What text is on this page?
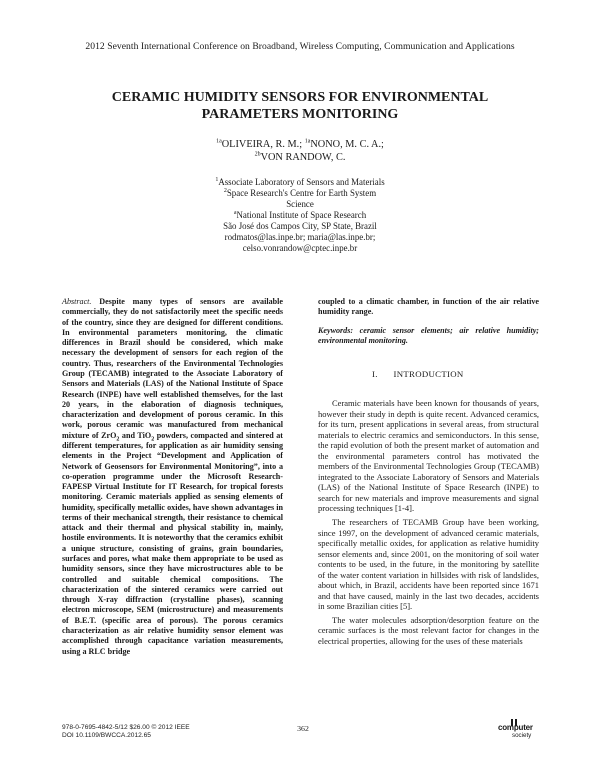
2012 Seventh International Conference on Broadband, Wireless Computing, Communication and Applications
CERAMIC HUMIDITY SENSORS FOR ENVIRONMENTAL
PARAMETERS MONITORING
$^{1a}$OLIVEIRA, R. M.; $^{1a}$NONO, M. C. A.;
$^{2b}$VON RANDOW, C.
$^1$Associate Laboratory of Sensors and Materials
$^2$Space Research's Centre for Earth System
Science
$^a$National Institute of Space Research
São José dos Campos City, SP State, Brazil
rodmatos@las.inpe.br; maria@las.inpe.br;
celso.vonrandow@cptec.inpe.br

Abstract. Despite many types of sensors are available commercially, they do not satisfactorily meet the specific needs of the country, since they are designed for different conditions. In environmental parameters monitoring, the climatic differences in Brazil should be considered, which make necessary the development of sensors for each region of the country. Thus, researchers of the Environmental Technologies Group (TECAMB) integrated to the Associate Laboratory of Sensors and Materials (LAS) of the National Institute of Space Research (INPE) have well established themselves, for the last 20 years, in the elaboration of diagnosis techniques, characterization and development of porous ceramic. In this work, porous ceramic was manufactured from mechanical mixture of ZrO$_2$ and TiO$_2$ powders, compacted and sintered at different temperatures, for application as air humidity sensing elements in the Project “Development and Application of Network of Geosensors for Environmental Monitoring”, into a co-operation programme under the Microsoft Research-FAPESP Virtual Institute for IT Research, for tropical forests monitoring. Ceramic materials applied as sensing elements of humidity, specifically metallic oxides, have shown advantages in terms of their mechanical strength, their resistance to chemical attack and their thermal and physical stability in, mainly, hostile environments. It is noteworthy that the ceramics exhibit a unique structure, consisting of grains, grain boundaries, surfaces and pores, what make them appropriate to be used as humidity sensors, since they have microstructures able to be controlled and suitable chemical compositions. The characterization of the sintered ceramics were carried out through X-ray diffraction (crystalline phases), scanning electron microscope, SEM (microstructure) and measurements of B.E.T. (specific area of porous). The porous ceramics characterization as air relative humidity sensor element was accomplished through capacitance variation measurements, using a RLC bridge

coupled to a climatic chamber, in function of the air relative humidity range.
Keywords: ceramic sensor elements; air relative humidity; environmental monitoring.
I. INTRODUCTION

Ceramic materials have been known for thousands of years, however their study in depth is quite recent. Advanced ceramics, for its turn, present applications in several areas, from structural materials to electric ceramics and semiconductors. In this sense, the rapid evolution of both the present market of automation and the environmental parameters control has motivated the members of the Environmental Technologies Group (TECAMB) integrated to the Associate Laboratory of Sensors and Materials (LAS) of the National Institute of Space Research (INPE) to search for new materials and improve measurements and signal processing techniques [1-4].

The researchers of TECAMB Group have been working, since 1997, on the development of advanced ceramic materials, specifically metallic oxides, for application as relative humidity sensor elements and, since 2001, on the monitoring of soil water contents to be used, in the future, in the monitoring by satellite of the water content variation in hillsides with risk of landslides, about which, in Brazil, accidents have been reported since 1671 and that have caused, mainly in the last two decades, accidents in some Brazilian cities [5].

The water molecules adsorption/desorption feature on the ceramic surfaces is the most relevant factor for changes in the electrical properties, allowing for the uses of these materials

978-0-7695-4842-5/12 $26.00 © 2012 IEEE
DOI 10.1109/BWCCA.2012.65
362	computer
society
